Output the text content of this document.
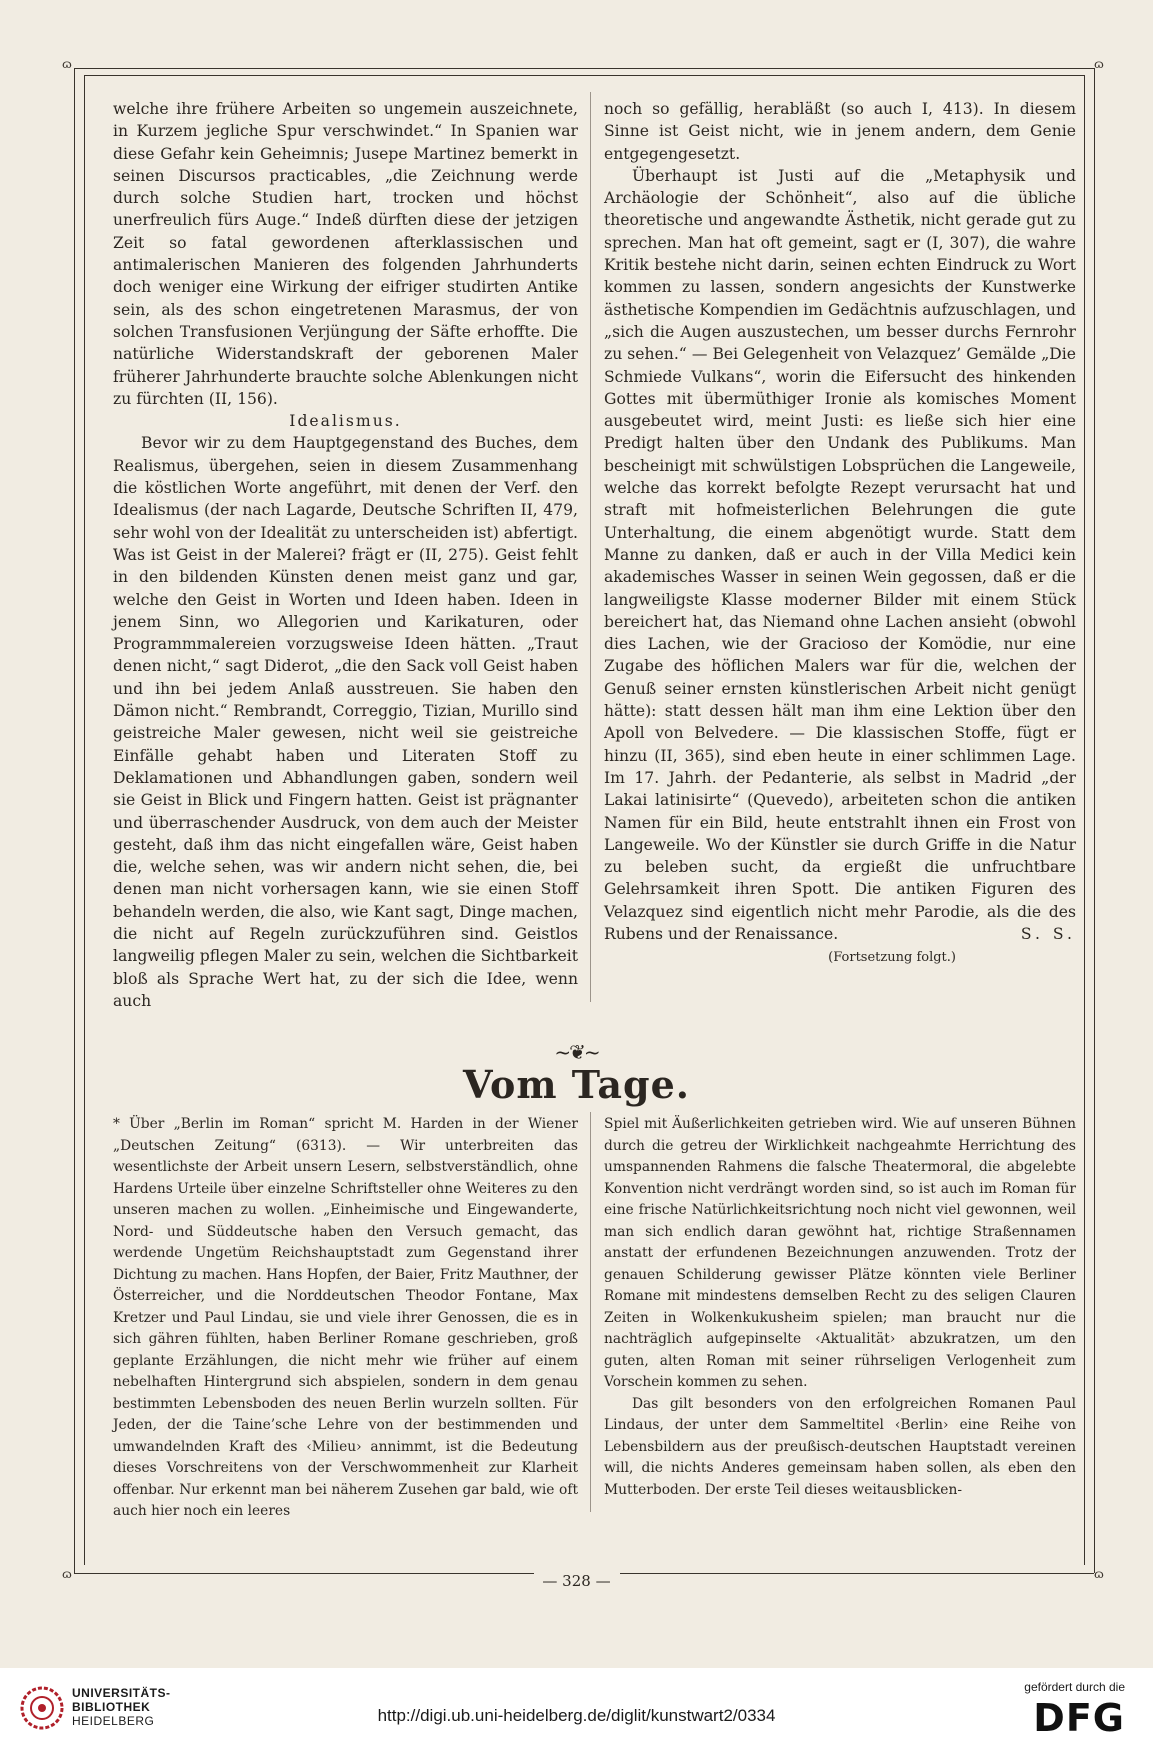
ɷ	ɷ
ɷ	ɷ

welche ihre frühere Arbeiten so ungemein auszeichnete, in Kurzem jegliche Spur verschwindet.“ In Spanien war diese Gefahr kein Geheimnis; Jusepe Martinez bemerkt in seinen Discursos practicables, „die Zeichnung werde durch solche Studien hart, trocken und höchst unerfreulich fürs Auge.“ Indeß dürften diese der jetzigen Zeit so fatal gewordenen afterklassischen und antimalerischen Manieren des folgenden Jahrhunderts doch weniger eine Wirkung der eifriger studirten Antike sein, als des schon eingetretenen Marasmus, der von solchen Transfusionen Verjüngung der Säfte erhoffte. Die natürliche Widerstandskraft der geborenen Maler früherer Jahrhunderte brauchte solche Ablenkungen nicht zu fürchten (II, 156).

Idealismus.

Bevor wir zu dem Hauptgegenstand des Buches, dem Realismus, übergehen, seien in diesem Zusammenhang die köstlichen Worte angeführt, mit denen der Verf. den Idealismus (der nach Lagarde, Deutsche Schriften II, 479, sehr wohl von der Idealität zu unterscheiden ist) abfertigt. Was ist Geist in der Malerei? frägt er (II, 275). Geist fehlt in den bildenden Künsten denen meist ganz und gar, welche den Geist in Worten und Ideen haben. Ideen in jenem Sinn, wo Allegorien und Karikaturen, oder Programmmalereien vorzugsweise Ideen hätten. „Traut denen nicht,“ sagt Diderot, „die den Sack voll Geist haben und ihn bei jedem Anlaß ausstreuen. Sie haben den Dämon nicht.“ Rembrandt, Correggio, Tizian, Murillo sind geistreiche Maler gewesen, nicht weil sie geistreiche Einfälle gehabt haben und Literaten Stoff zu Deklamationen und Abhandlungen gaben, sondern weil sie Geist in Blick und Fingern hatten. Geist ist prägnanter und überraschender Ausdruck, von dem auch der Meister gesteht, daß ihm das nicht eingefallen wäre, Geist haben die, welche sehen, was wir andern nicht sehen, die, bei denen man nicht vorhersagen kann, wie sie einen Stoff behandeln werden, die also, wie Kant sagt, Dinge machen, die nicht auf Regeln zurückzuführen sind. Geistlos langweilig pflegen Maler zu sein, welchen die Sichtbarkeit bloß als Sprache Wert hat, zu der sich die Idee, wenn auch

noch so gefällig, herabläßt (so auch I, 413). In diesem Sinne ist Geist nicht, wie in jenem andern, dem Genie entgegengesetzt.

Überhaupt ist Justi auf die „Metaphysik und Archäologie der Schönheit“, also auf die übliche theoretische und angewandte Ästhetik, nicht gerade gut zu sprechen. Man hat oft gemeint, sagt er (I, 307), die wahre Kritik bestehe nicht darin, seinen echten Eindruck zu Wort kommen zu lassen, sondern angesichts der Kunstwerke ästhetische Kompendien im Gedächtnis aufzuschlagen, und „sich die Augen auszustechen, um besser durchs Fernrohr zu sehen.“ — Bei Gelegenheit von Velazquez’ Gemälde „Die Schmiede Vulkans“, worin die Eifersucht des hinkenden Gottes mit übermüthiger Ironie als komisches Moment ausgebeutet wird, meint Justi: es ließe sich hier eine Predigt halten über den Undank des Publikums. Man bescheinigt mit schwülstigen Lobsprüchen die Langeweile, welche das korrekt befolgte Rezept verursacht hat und straft mit hofmeisterlichen Belehrungen die gute Unterhaltung, die einem abgenötigt wurde. Statt dem Manne zu danken, daß er auch in der Villa Medici kein akademisches Wasser in seinen Wein gegossen, daß er die langweiligste Klasse moderner Bilder mit einem Stück bereichert hat, das Niemand ohne Lachen ansieht (obwohl dies Lachen, wie der Gracioso der Komödie, nur eine Zugabe des höflichen Malers war für die, welchen der Genuß seiner ernsten künstlerischen Arbeit nicht genügt hätte): statt dessen hält man ihm eine Lektion über den Apoll von Belvedere. — Die klassischen Stoffe, fügt er hinzu (II, 365), sind eben heute in einer schlimmen Lage. Im 17. Jahrh. der Pedanterie, als selbst in Madrid „der Lakai latinisirte“ (Quevedo), arbeiteten schon die antiken Namen für ein Bild, heute entstrahlt ihnen ein Frost von Langeweile. Wo der Künstler sie durch Griffe in die Natur zu beleben sucht, da ergießt die unfruchtbare Gelehrsamkeit ihren Spott. Die antiken Figuren des Velazquez sind eigentlich nicht mehr Parodie, als die des Rubens und der Renaissance.	S. S.

(Fortsetzung folgt.)

~❦~
Vom Tage.

* Über „Berlin im Roman“ spricht M. Harden in der Wiener „Deutschen Zeitung“ (6313). — Wir unterbreiten das wesentlichste der Arbeit unsern Lesern, selbstverständlich, ohne Hardens Urteile über einzelne Schriftsteller ohne Weiteres zu den unseren machen zu wollen. „Einheimische und Eingewanderte, Nord- und Süddeutsche haben den Versuch gemacht, das werdende Ungetüm Reichshauptstadt zum Gegenstand ihrer Dichtung zu machen. Hans Hopfen, der Baier, Fritz Mauthner, der Österreicher, und die Norddeutschen Theodor Fontane, Max Kretzer und Paul Lindau, sie und viele ihrer Genossen, die es in sich gähren fühlten, haben Berliner Romane geschrieben, groß geplante Erzählungen, die nicht mehr wie früher auf einem nebelhaften Hintergrund sich abspielen, sondern in dem genau bestimmten Lebensboden des neuen Berlin wurzeln sollten. Für Jeden, der die Taine’sche Lehre von der bestimmenden und umwandelnden Kraft des ‹Milieu› annimmt, ist die Bedeutung dieses Vorschreitens von der Verschwommenheit zur Klarheit offenbar. Nur erkennt man bei näherem Zusehen gar bald, wie oft auch hier noch ein leeres

Spiel mit Äußerlichkeiten getrieben wird. Wie auf unseren Bühnen durch die getreu der Wirklichkeit nachgeahmte Herrichtung des umspannenden Rahmens die falsche Theatermoral, die abgelebte Konvention nicht verdrängt worden sind, so ist auch im Roman für eine frische Natürlichkeitsrichtung noch nicht viel gewonnen, weil man sich endlich daran gewöhnt hat, richtige Straßennamen anstatt der erfundenen Bezeichnungen anzuwenden. Trotz der genauen Schilderung gewisser Plätze könnten viele Berliner Romane mit mindestens demselben Recht zu des seligen Clauren Zeiten in Wolkenkukusheim spielen; man braucht nur die nachträglich aufgepinselte ‹Aktualität› abzukratzen, um den guten, alten Roman mit seiner rührseligen Verlogenheit zum Vorschein kommen zu sehen.

Das gilt besonders von den erfolgreichen Romanen Paul Lindaus, der unter dem Sammeltitel ‹Berlin› eine Reihe von Lebensbildern aus der preußisch-deutschen Hauptstadt vereinen will, die nichts Anderes gemeinsam haben sollen, als eben den Mutterboden. Der erste Teil dieses weitausblicken-

— 328 —
UNIVERSITÄTS-
BIBLIOTHEK
HEIDELBERG	http://digi.ub.uni-heidelberg.de/diglit/kunstwart2/0334
gefördert durch die
DFG
